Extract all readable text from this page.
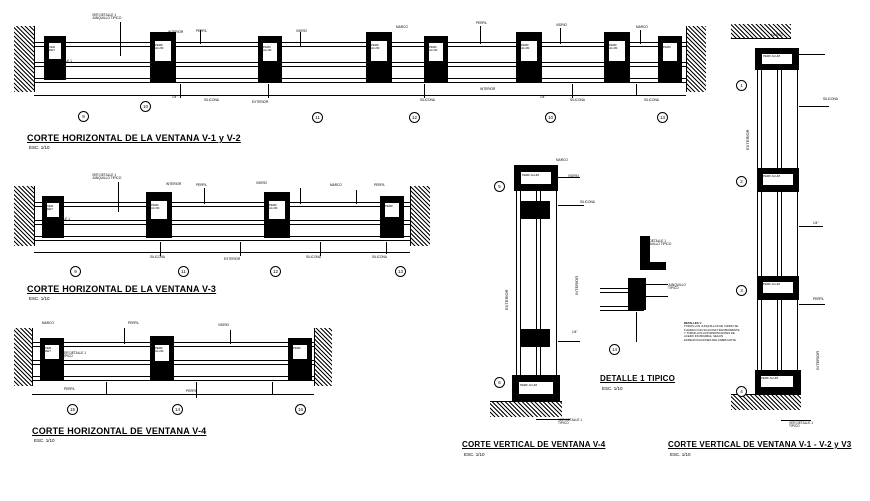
VER
DET
PERF
ALUM	PERF
ALUM
PERF
ALUM	PERF
ALUM
PERF
ALUM
PERF
ALUM	PERF
9
10
11	12	10	13
INTERIOR
INTERIOR
EXTERIOR
VER DETALLE 1
JUNQUILLO TIPICO
VER DETALLE 1
TIPICO
PERFIL	VIDRIO
MARCO
PERFIL	VIDRIO	MARCO
SILICONA	SILICONA	SILICONA	SILICONA
1/4"	1/4"
CORTE HORIZONTAL DE LA VENTANA V-1 y V-2
ESC. 1/10
VER
DET
PERF
ALUM
PERF
ALUM
PERF
9	11	12	13
INTERIOR
EXTERIOR
VER DETALLE 1
JUNQUILLO TIPICO
VER DETALLE 1
TIPICO
PERFIL	VIDRIO	MARCO	PERFIL
SILICONA	SILICONA	SILICONA
CORTE HORIZONTAL DE LA VENTANA V-3
ESC. 1/10
VER
DET
PERF
ALUM
PERF
15	14	16
MARCO	PERFIL	VIDRIO
VER DETALLE 1
TIPICO
PERFIL	PERFIL
CORTE HORIZONTAL DE VENTANA V-4
ESC. 1/10
PERF ALUM
PERF ALUM
5
6
EXTERIOR
INTERIOR
MARCO
VIDRIO
SILICONA
1/4"
VER DETALLE 1
TIPICO
CORTE VERTICAL DE VENTANA V-4
ESC. 1/10
VER DETALLE 1
JUNQUILLO TIPICO
JUNQUILLO
TIPICO
14
DETALLES 1:
TODOS LOS JUNQUILLOS DE VIDRIO SE
FIJARAN CON SILICONA TRANSPARENTE
Y TORNILLOS AUTORROSCANTES DE
ACERO INOXIDABLE, SEGUN
ESPECIFICACIONES DEL FABRICANTE.
DETALLE 1 TIPICO
ESC. 1/10
PERF ALUM
PERF ALUM
PERF ALUM
PERF ALUM
1
2
3
4
EXTERIOR
INTERIOR
MARCO
SILICONA
1/4"
PERFIL
VER DETALLE 1
TIPICO
CORTE VERTICAL DE VENTANA V-1 - V-2 y V3
ESC. 1/10
